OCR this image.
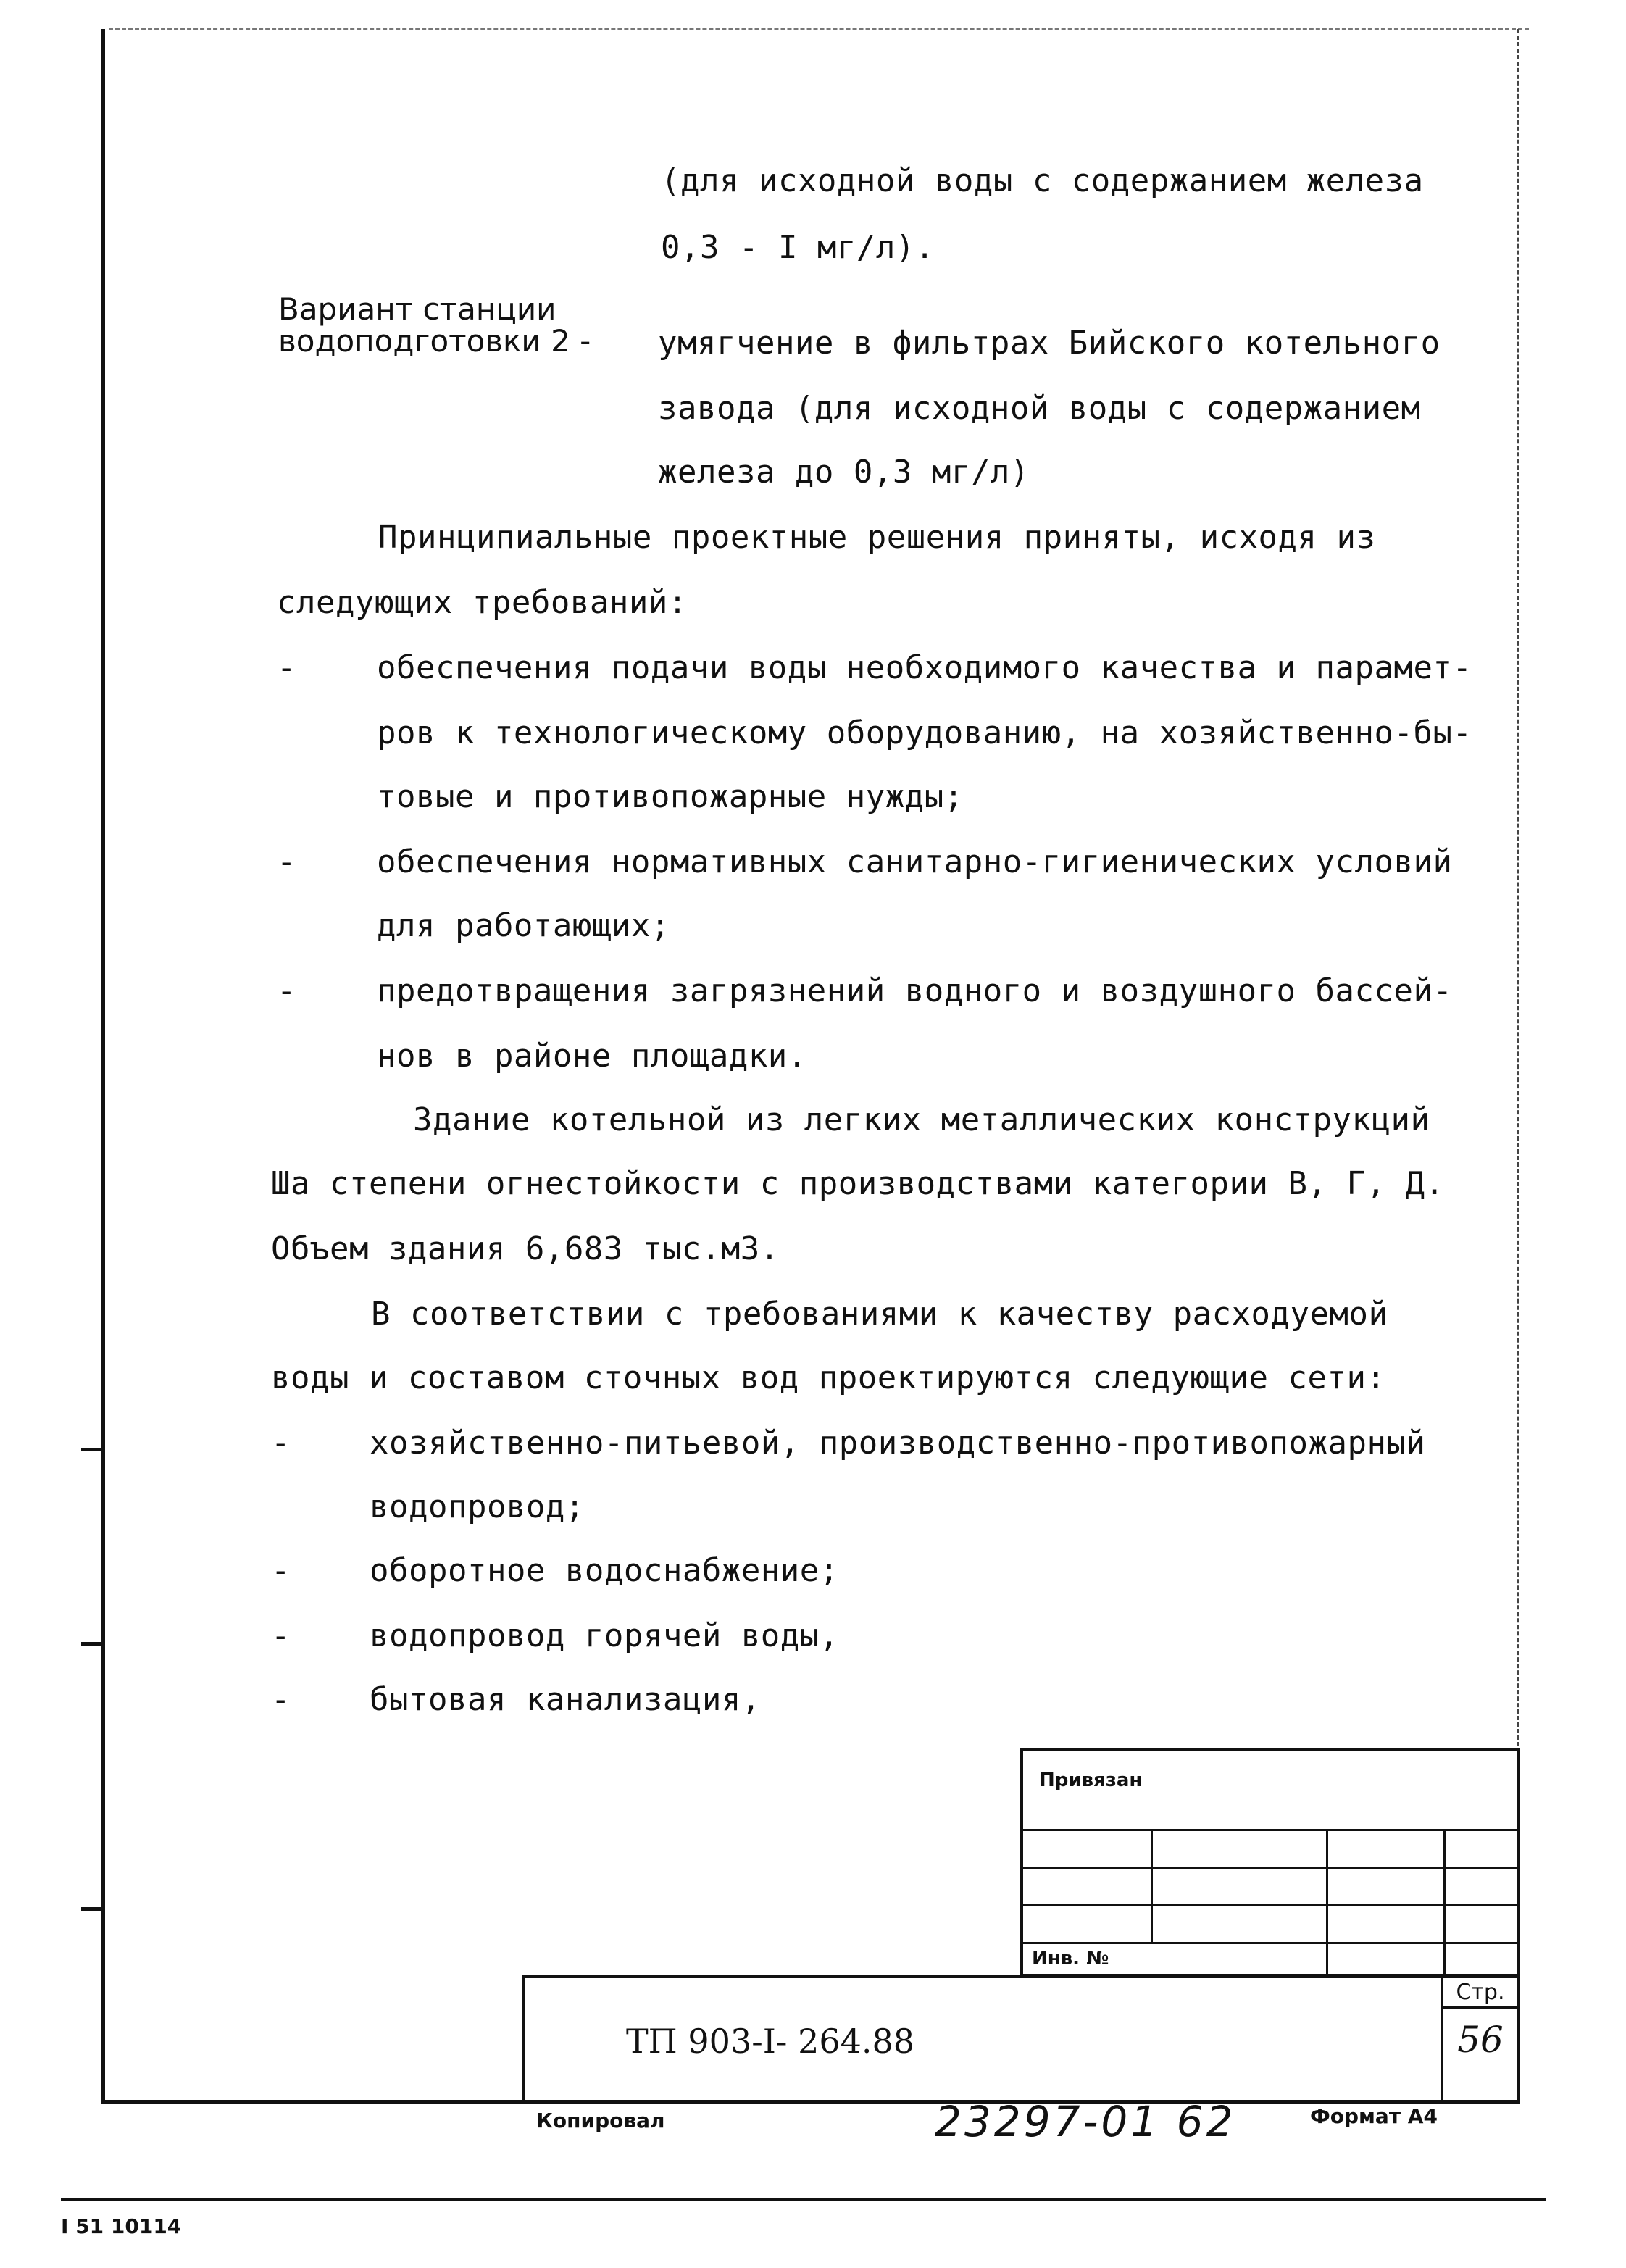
(для исходной воды с содержанием железа
0,3 - I мг/л).
Вариант станции
водоподготовки 2 - умягчение в фильтрах Бийского котельного
завода (для исходной воды с содержанием
железа до 0,3 мг/л)
Принципиальные проектные решения приняты, исходя из
следующих требований:
-	обеспечения подачи воды необходимого качества и парамет-
ров к технологическому оборудованию, на хозяйственно-бы-
товые и противопожарные нужды;
-	обеспечения нормативных санитарно-гигиенических условий
для работающих;
-	предотвращения загрязнений водного и воздушного бассей-
нов в районе площадки.
Здание котельной из легких металлических конструкций
Ша степени огнестойкости с производствами категории В, Г, Д.
Объем здания 6,683 тыс.м3.
В соответствии с требованиями к качеству расходуемой
воды и составом сточных вод проектируются следующие сети:
- хозяйственно-питьевой, производственно-противопожарный
водопровод;
- оборотное водоснабжение;
- водопровод горячей воды,
- бытовая канализация,
Привязан
Инв. №
ТП 903-I- 264.88
Стр.
56
Копировал	23297-01 62	Формат А4
I 51 10114
